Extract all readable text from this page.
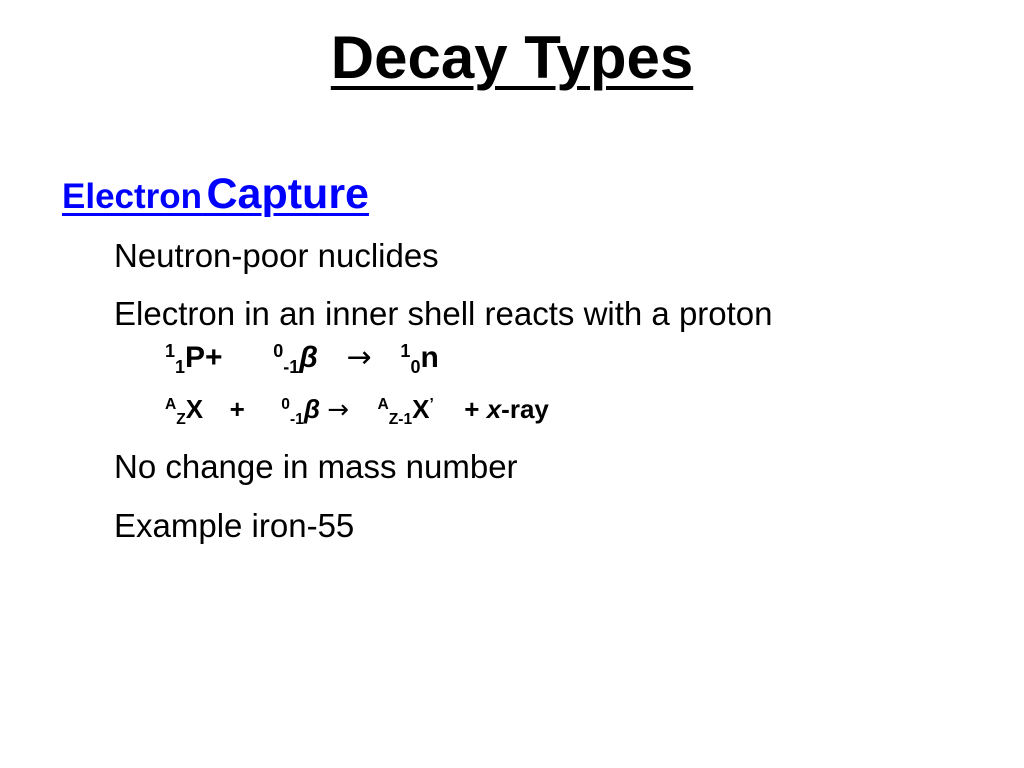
Decay Types
Electron Capture
Neutron-poor nuclides
Electron in an inner shell reacts with a proton
11P+	0-1β → 10n
AZX + 0-1β → AZ-1X’ + x-ray
No change in mass number
Example iron-55
